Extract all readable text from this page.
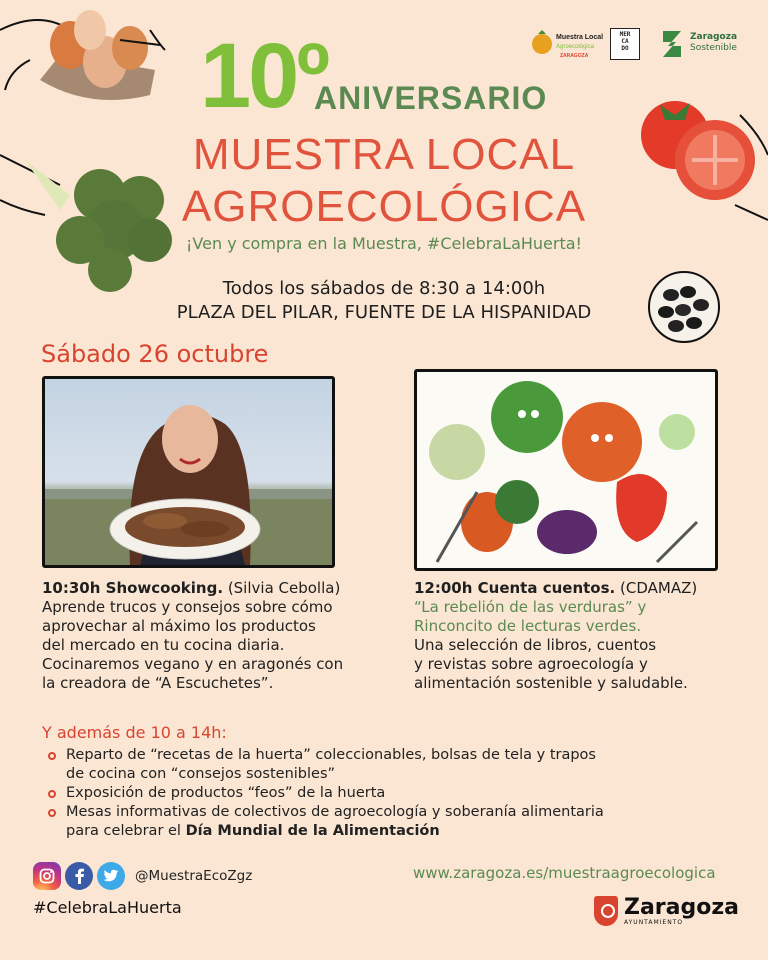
Muestra Local
Agroecológica
ZARAGOZA
MER
CA
DO
Zaragoza
Sostenible
10º
ANIVERSARIO
MUESTRA LOCAL
AGROECOLÓGICA
¡Ven y compra en la Muestra, #CelebraLaHuerta!
Todos los sábados de 8:30 a 14:00h
PLAZA DEL PILAR, FUENTE DE LA HISPANIDAD
Sábado 26 octubre
10:30h Showcooking. (Silvia Cebolla)
Aprende trucos y consejos sobre cómo
aprovechar al máximo los productos
del mercado en tu cocina diaria.
Cocinaremos vegano y en aragonés con
la creadora de “A Escuchetes”.
12:00h Cuenta cuentos. (CDAMAZ)
“La rebelión de las verduras” y
Rinconcito de lecturas verdes.
Una selección de libros, cuentos
y revistas sobre agroecología y
alimentación sostenible y saludable.
Y además de 10 a 14h:
Reparto de “recetas de la huerta” coleccionables, bolsas de tela y trapos
de cocina con “consejos sostenibles”
Exposición de productos “feos” de la huerta
Mesas informativas de colectivos de agroecología y soberanía alimentaria
para celebrar el Día Mundial de la Alimentación
@MuestraEcoZgz
#CelebraLaHuerta
www.zaragoza.es/muestraagroecologica
Zaragoza
AYUNTAMIENTO
